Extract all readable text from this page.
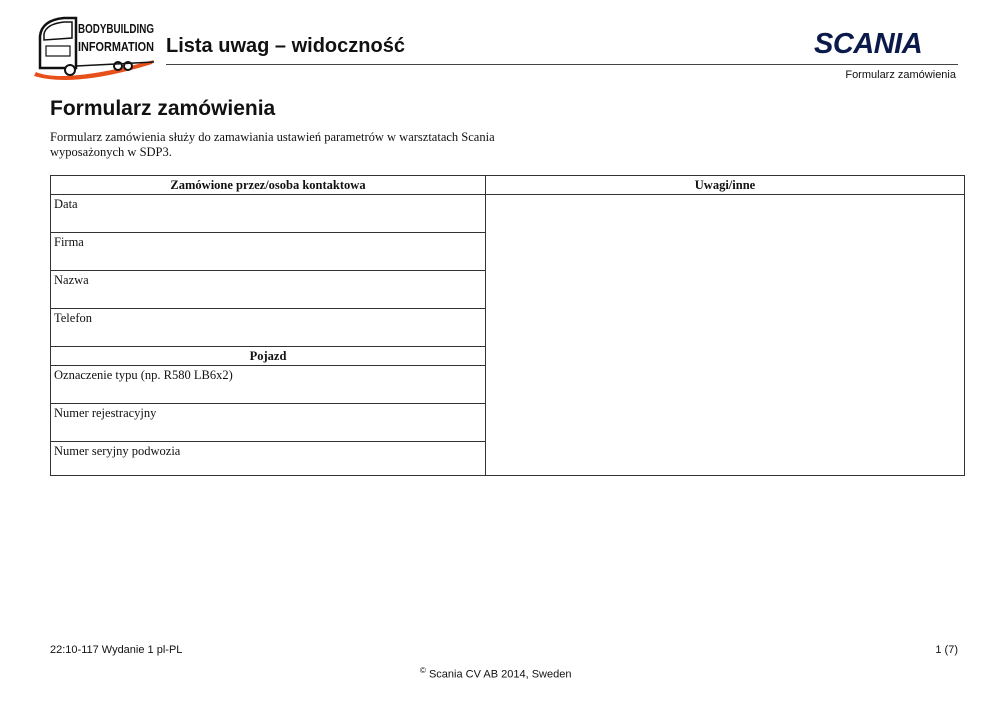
BODYBUILDING
INFORMATION Lista uwag – widoczność	SCANIA
Formularz zamówienia
Formularz zamówienia
Formularz zamówienia służy do zamawiania ustawień parametrów w warsztatach Scania wyposażonych w SDP3.
Zamówione przez/osoba kontaktowa
Data
Firma
Nazwa
Telefon
Pojazd
Oznaczenie typu (np. R580 LB6x2)
Numer rejestracyjny
Numer seryjny podwozia
Uwagi/inne
22:10-117 Wydanie 1 pl-PL	1 (7)
© Scania CV AB 2014, Sweden
